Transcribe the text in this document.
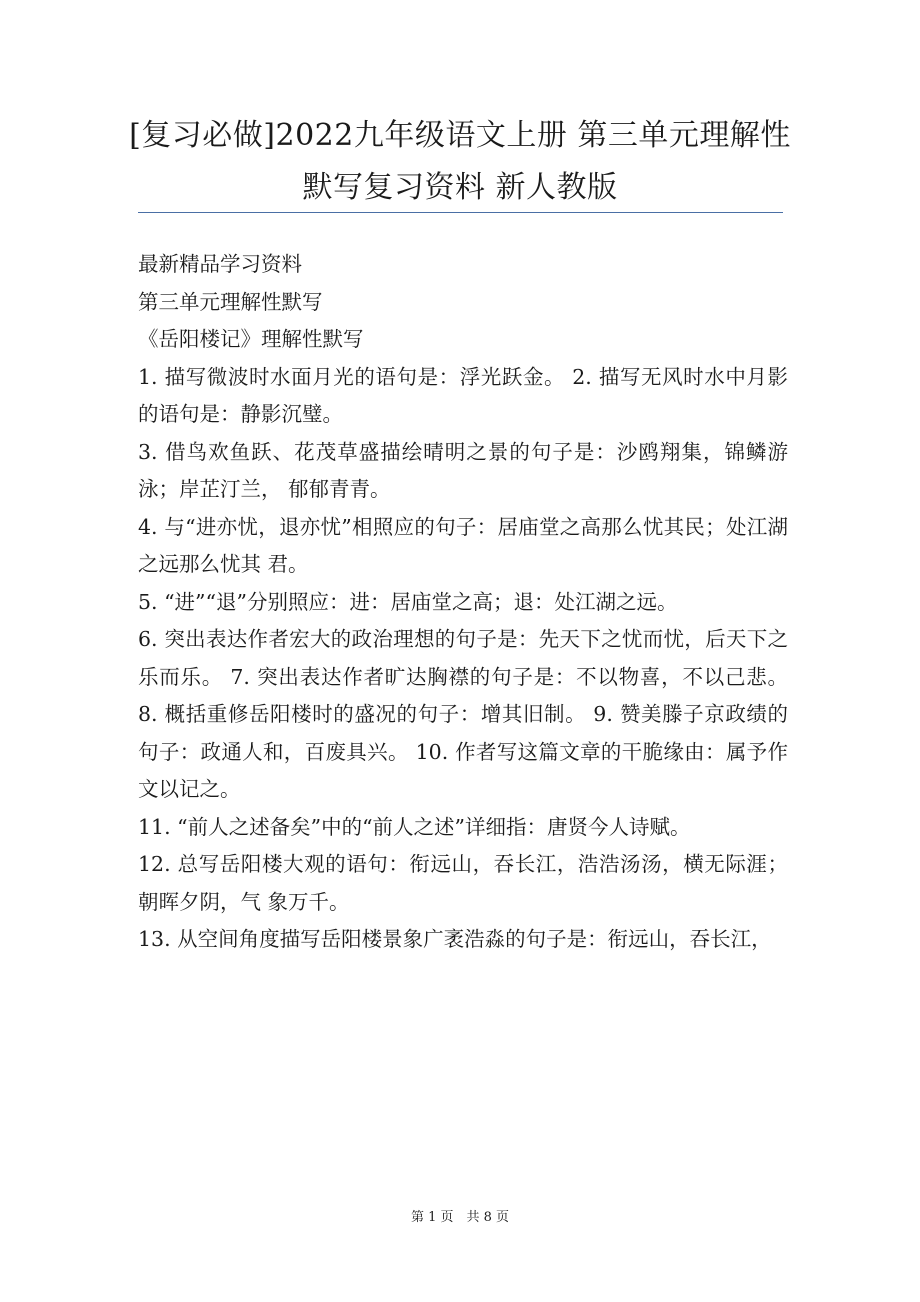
[复习必做]2022九年级语文上册 第三单元理解性默写复习资料 新人教版

最新精品学习资料

第三单元理解性默写

《岳阳楼记》理解性默写

1. 描写微波时水面月光的语句是：浮光跃金。 2. 描写无风时水中月影的语句是：静影沉璧。

3. 借鸟欢鱼跃、花茂草盛描绘晴明之景的句子是：沙鸥翔集，锦鳞游泳；岸芷汀兰， 郁郁青青。

4. 与“进亦忧，退亦忧”相照应的句子：居庙堂之高那么忧其民；处江湖之远那么忧其 君。

5. “进”“退”分别照应：进：居庙堂之高；退：处江湖之远。

6. 突出表达作者宏大的政治理想的句子是：先天下之忧而忧，后天下之乐而乐。 7. 突出表达作者旷达胸襟的句子是：不以物喜，不以己悲。 8. 概括重修岳阳楼时的盛况的句子：增其旧制。 9. 赞美滕子京政绩的句子：政通人和，百废具兴。 10. 作者写这篇文章的干脆缘由：属予作文以记之。

11. “前人之述备矣”中的“前人之述”详细指：唐贤今人诗赋。

12. 总写岳阳楼大观的语句：衔远山，吞长江，浩浩汤汤，横无际涯；朝晖夕阴，气 象万千。

13. 从空间角度描写岳阳楼景象广袤浩淼的句子是：衔远山，吞长江，

第 1 页　共 8 页
